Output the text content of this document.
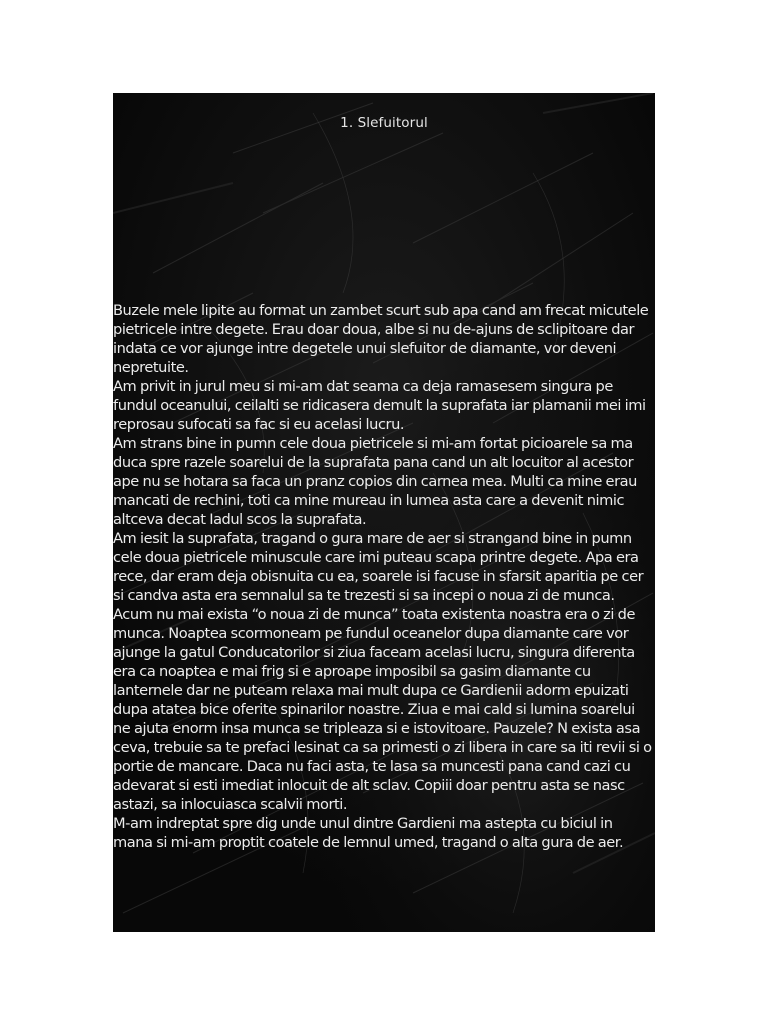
1. Slefuitorul

Buzele mele lipite au format un zambet scurt sub apa cand am frecat micutele pietricele intre degete. Erau doar doua, albe si nu de-ajuns de sclipitoare dar indata ce vor ajunge intre degetele unui slefuitor de diamante, vor deveni nepretuite.

Am privit in jurul meu si mi-am dat seama ca deja ramasesem singura pe fundul oceanului, ceilalti se ridicasera demult la suprafata iar plamanii mei imi reprosau sufocati sa fac si eu acelasi lucru.

Am strans bine in pumn cele doua pietricele si mi-am fortat picioarele sa ma duca spre razele soarelui de la suprafata pana cand un alt locuitor al acestor ape nu se hotara sa faca un pranz copios din carnea mea. Multi ca mine erau mancati de rechini, toti ca mine mureau in lumea asta care a devenit nimic altceva decat Iadul scos la suprafata.

Am iesit la suprafata, tragand o gura mare de aer si strangand bine in pumn cele doua pietricele minuscule care imi puteau scapa printre degete. Apa era rece, dar eram deja obisnuita cu ea, soarele isi facuse in sfarsit aparitia pe cer si candva asta era semnalul sa te trezesti si sa incepi o noua zi de munca. Acum nu mai exista “o noua zi de munca” toata existenta noastra era o zi de munca. Noaptea scormoneam pe fundul oceanelor dupa diamante care vor ajunge la gatul Conducatorilor si ziua faceam acelasi lucru, singura diferenta era ca noaptea e mai frig si e aproape imposibil sa gasim diamante cu lanternele dar ne puteam relaxa mai mult dupa ce Gardienii adorm epuizati dupa atatea bice oferite spinarilor noastre. Ziua e mai cald si lumina soarelui ne ajuta enorm insa munca se tripleaza si e istovitoare. Pauzele? N exista asa ceva, trebuie sa te prefaci lesinat ca sa primesti o zi libera in care sa iti revii si o portie de mancare. Daca nu faci asta, te lasa sa muncesti pana cand cazi cu adevarat si esti imediat inlocuit de alt sclav. Copiii doar pentru asta se nasc astazi, sa inlocuiasca scalvii morti.

M-am indreptat spre dig unde unul dintre Gardieni ma astepta cu biciul in mana si mi-am proptit coatele de lemnul umed, tragand o alta gura de aer.
